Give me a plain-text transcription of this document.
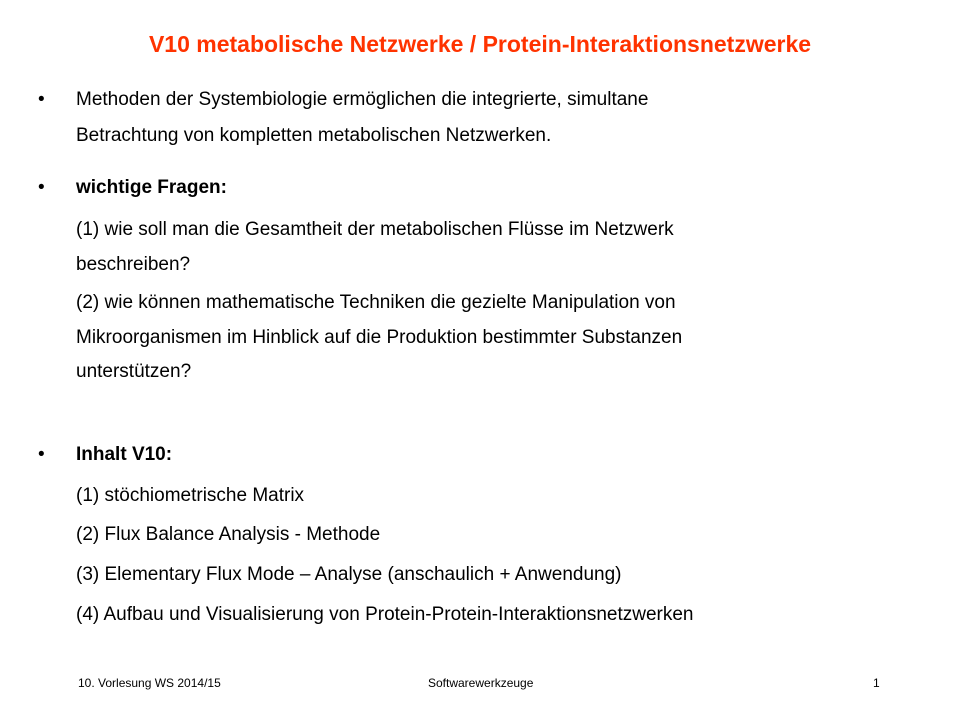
V10 metabolische Netzwerke / Protein-Interaktionsnetzwerke
• Methoden der Systembiologie ermöglichen die integrierte, simultane
Betrachtung von kompletten metabolischen Netzwerken.
• wichtige Fragen:
(1) wie soll man die Gesamtheit der metabolischen Flüsse im Netzwerk
beschreiben?
(2) wie können mathematische Techniken die gezielte Manipulation von
Mikroorganismen im Hinblick auf die Produktion bestimmter Substanzen
unterstützen?
• Inhalt V10:
(1) stöchiometrische Matrix
(2) Flux Balance Analysis - Methode
(3) Elementary Flux Mode – Analyse (anschaulich + Anwendung)
(4) Aufbau und Visualisierung von Protein-Protein-Interaktionsnetzwerken
10. Vorlesung WS 2014/15	Softwarewerkzeuge	1
